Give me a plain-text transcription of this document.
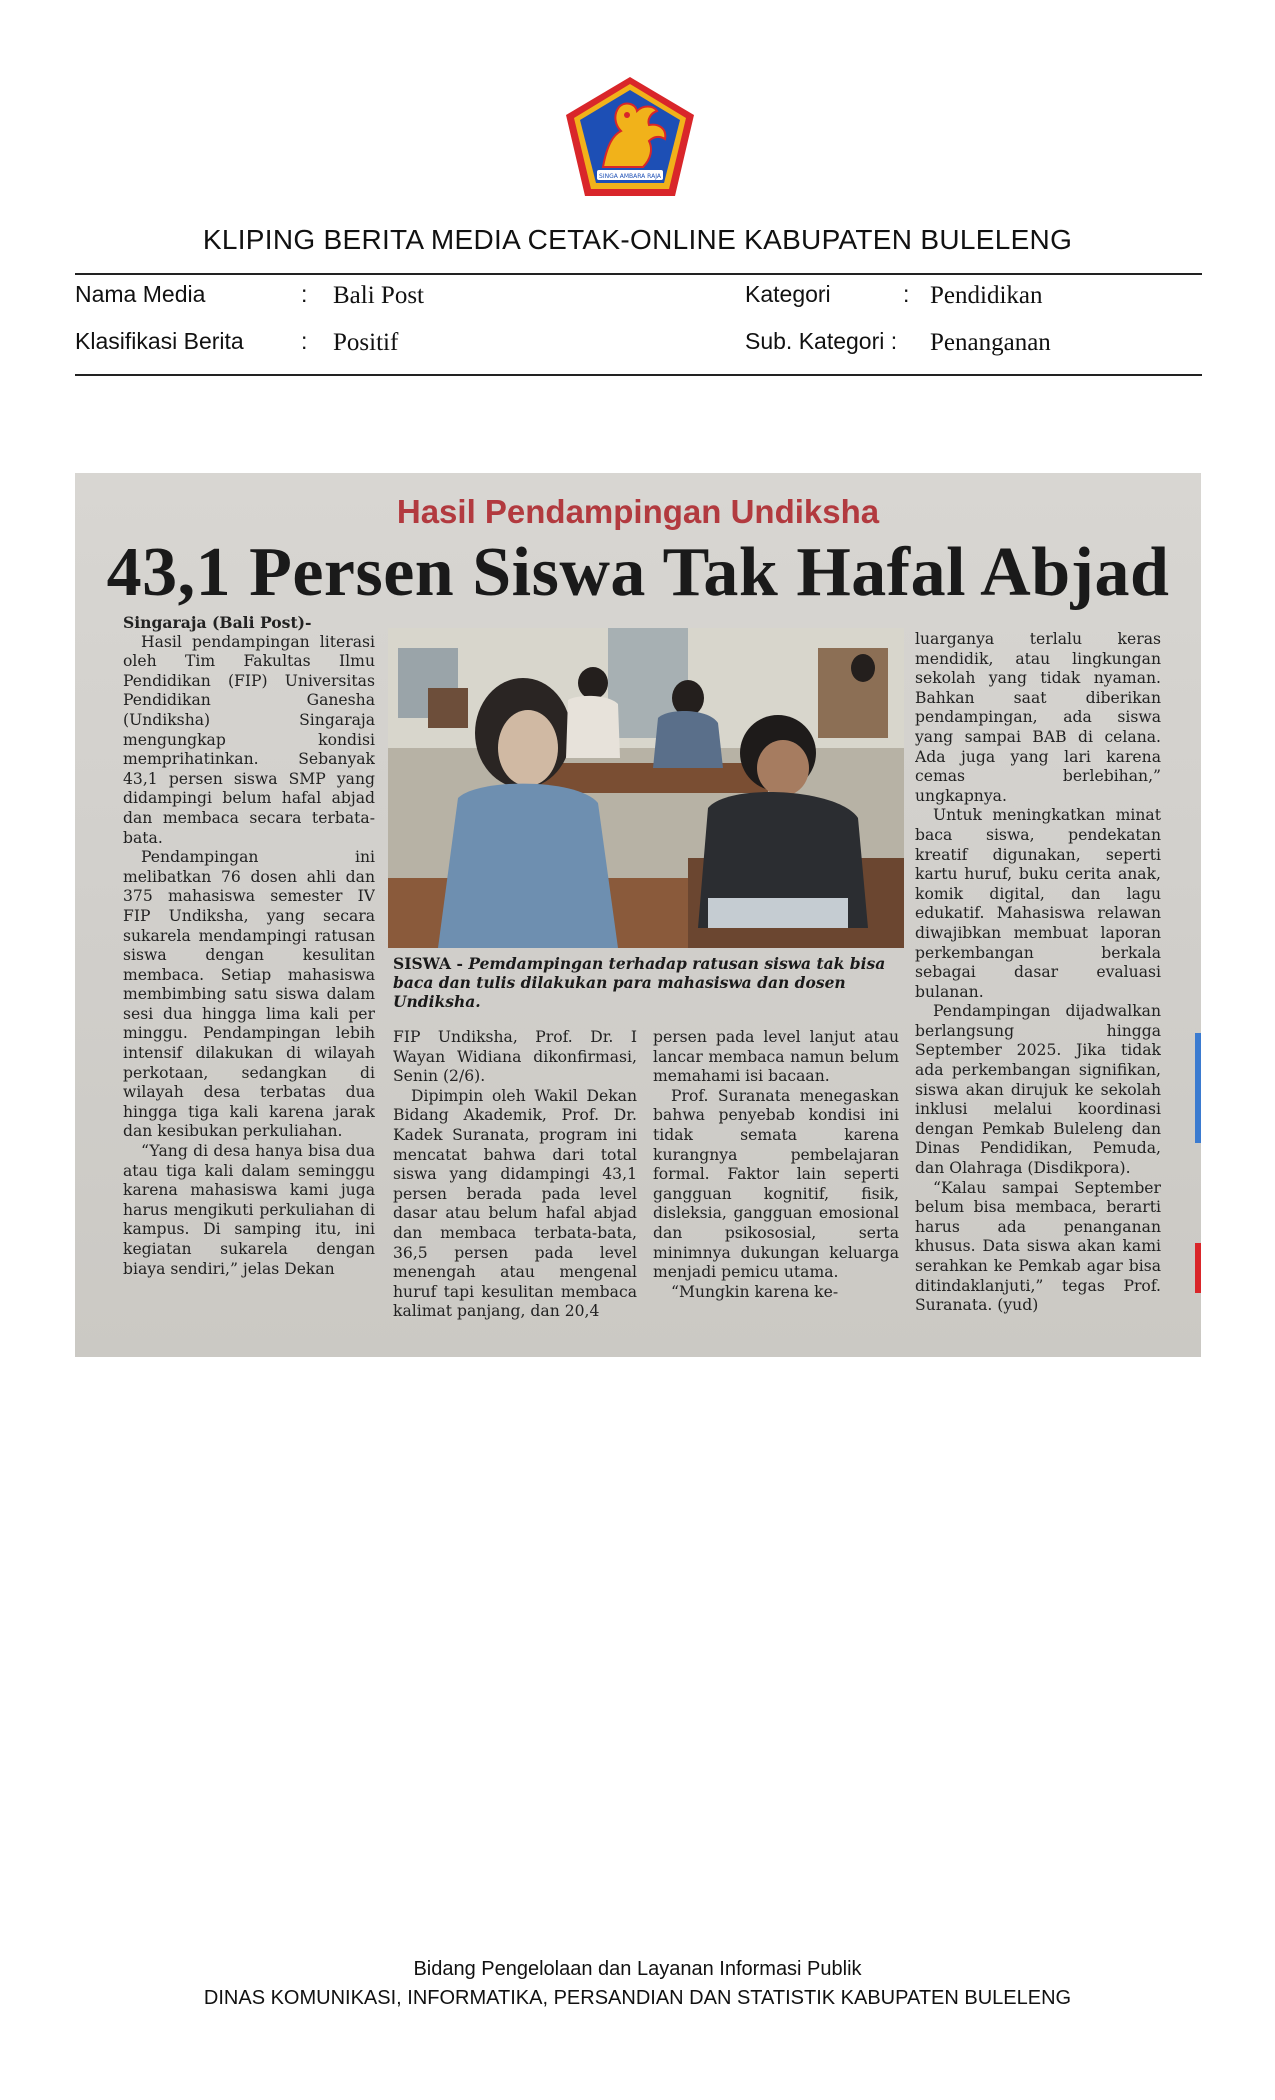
SINGA AMBARA RAJA
KLIPING BERITA MEDIA CETAK-ONLINE KABUPATEN BULELENG
Nama Media	: Bali Post	Kategori	: Pendidikan
Klasifikasi Berita : Positif	Sub. Kategori : Penanganan
Hasil Pendampingan Undiksha
43,1 Persen Siswa Tak Hafal Abjad

Singaraja (Bali Post)-

Hasil pendampingan literasi oleh Tim Fakultas Ilmu Pendidikan (FIP) Universitas Pendidikan Ganesha (Undiksha) Singaraja mengungkap kondisi memprihatinkan. Sebanyak 43,1 persen siswa SMP yang didampingi belum hafal abjad dan membaca secara terbata-bata.

Pendampingan ini melibatkan 76 dosen ahli dan 375 mahasiswa semester IV FIP Undiksha, yang secara sukarela mendampingi ratusan siswa dengan kesulitan membaca. Setiap mahasiswa membimbing satu siswa dalam sesi dua hingga lima kali per minggu. Pendampingan lebih intensif dilakukan di wilayah perkotaan, sedangkan di wilayah desa terbatas dua hingga tiga kali karena jarak dan kesibukan perkuliahan.

“Yang di desa hanya bisa dua atau tiga kali dalam seminggu karena mahasiswa kami juga harus mengikuti perkuliahan di kampus. Di samping itu, ini kegiatan sukarela dengan biaya sendiri,” jelas Dekan

SISWA - Pemdampingan terhadap ratusan siswa tak bisa baca dan tulis dilakukan para mahasiswa dan dosen Undiksha.

FIP Undiksha, Prof. Dr. I Wayan Widiana dikonfirmasi, Senin (2/6).

Dipimpin oleh Wakil Dekan Bidang Akademik, Prof. Dr. Kadek Suranata, program ini mencatat bahwa dari total siswa yang didampingi 43,1 persen berada pada level dasar atau belum hafal abjad dan membaca terbata-bata, 36,5 persen pada level menengah atau mengenal huruf tapi kesulitan membaca kalimat panjang, dan 20,4

persen pada level lanjut atau lancar membaca namun belum memahami isi bacaan.

Prof. Suranata menegaskan bahwa penyebab kondisi ini tidak semata karena kurangnya pembelajaran formal. Faktor lain seperti gangguan kognitif, fisik, disleksia, gangguan emosional dan psikososial, serta minimnya dukungan keluarga menjadi pemicu utama.

“Mungkin karena ke-

luarganya terlalu keras mendidik, atau lingkungan sekolah yang tidak nyaman. Bahkan saat diberikan pendampingan, ada siswa yang sampai BAB di celana. Ada juga yang lari karena cemas berlebihan,” ungkapnya.

Untuk meningkatkan minat baca siswa, pendekatan kreatif digunakan, seperti kartu huruf, buku cerita anak, komik digital, dan lagu edukatif. Mahasiswa relawan diwajibkan membuat laporan perkembangan berkala sebagai dasar evaluasi bulanan.

Pendampingan dijadwalkan berlangsung hingga September 2025. Jika tidak ada perkembangan signifikan, siswa akan dirujuk ke sekolah inklusi melalui koordinasi dengan Pemkab Buleleng dan Dinas Pendidikan, Pemuda, dan Olahraga (Disdikpora).

“Kalau sampai September belum bisa membaca, berarti harus ada penanganan khusus. Data siswa akan kami serahkan ke Pemkab agar bisa ditindaklanjuti,” tegas Prof. Suranata. (yud)

Bidang Pengelolaan dan Layanan Informasi Publik
DINAS KOMUNIKASI, INFORMATIKA, PERSANDIAN DAN STATISTIK KABUPATEN BULELENG
